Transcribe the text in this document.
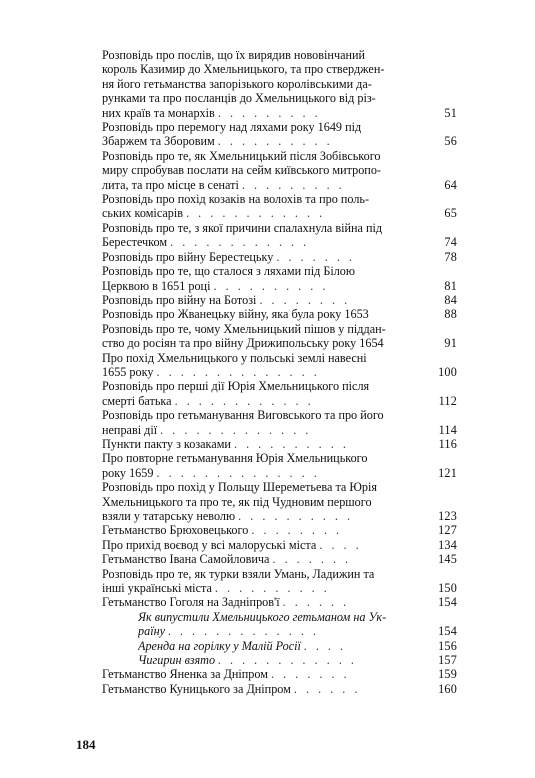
Розповідь про послів, що їх вирядив нововінчаний
король Казимир до Хмельницького, та про стверджен-
ня його гетьманства запорізького королівськими да-
рунками та про посланців до Хмельницького від різ-
них країв та монархів . . . . . . . . .	51
Розповідь про перемогу над ляхами року 1649 під
Збаржем та Зборовим . . . . . . . . . .	56
Розповідь про те, як Хмельницький після Зобівського
миру спробував послати на сейм київського митропо-
лита, та про місце в сенаті . . . . . . . . .	64
Розповідь про похід козаків на волохів та про поль-
ських комісарів . . . . . . . . . . . .	65
Розповідь про те, з якої причини спалахнула війна під
Берестечком . . . . . . . . . . . .	74
Розповідь про війну Берестецьку . . . . . . .	78
Розповідь про те, що сталося з ляхами під Білою
Церквою в 1651 році . . . . . . . . . .	81
Розповідь про війну на Ботозі . . . . . . . .	84
Розповідь про Жванецьку війну, яка була року 1653	88
Розповідь про те, чому Хмельницький пішов у піддан-
ство до росіян та про війну Дрижипольську року 1654	91
Про похід Хмельницького у польські землі навесні
1655 року . . . . . . . . . . . . . .	100
Розповідь про перші дії Юрія Хмельницького після
смерті батька . . . . . . . . . . . .	112
Розповідь про гетьманування Виговського та про його
неправі дії . . . . . . . . . . . . .	114
Пункти пакту з козаками . . . . . . . . . .	116
Про повторне гетьманування Юрія Хмельницького
року 1659 . . . . . . . . . . . . . .	121
Розповідь про похід у Польщу Шереметьева та Юрія
Хмельницького та про те, як під Чудновим першого
взяли у татарську неволю . . . . . . . . . .	123
Гетьманство Брюховецького . . . . . . . .	127
Про прихід воєвод у всі малоруські міста . . . .	134
Гетьманство Івана Самойловича . . . . . . .	145
Розповідь про те, як турки взяли Умань, Ладижин та
інші українські міста . . . . . . . . . .	150
Гетьманство Гоголя на Задніпров'ї . . . . . .	154
Як випустили Хмельницького гетьманом на Ук-
раїну . . . . . . . . . . . . .	154
Аренда на горілку у Малій Росії . . . .	156
Чигирин взято . . . . . . . . . . . .	157
Гетьманство Яненка за Дніпром . . . . . . .	159
Гетьманство Куницького за Дніпром . . . . . .	160
184
